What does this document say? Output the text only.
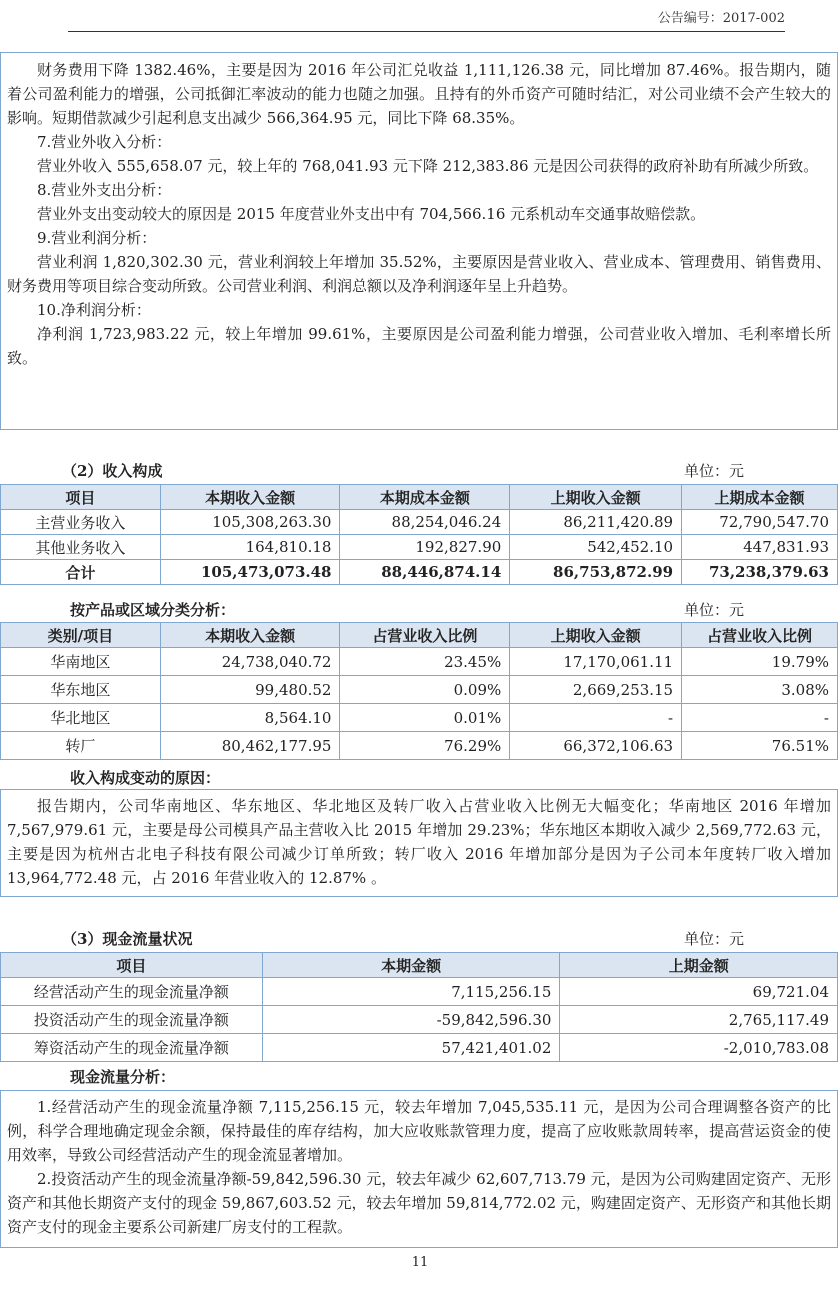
公告编号：2017-002

财务费用下降 1382.46%，主要是因为 2016 年公司汇兑收益 1,111,126.38 元，同比增加 87.46%。报告期内，随着公司盈利能力的增强，公司抵御汇率波动的能力也随之加强。且持有的外币资产可随时结汇，对公司业绩不会产生较大的影响。短期借款减少引起利息支出减少 566,364.95 元，同比下降 68.35%。

7.营业外收入分析：

营业外收入 555,658.07 元，较上年的 768,041.93 元下降 212,383.86 元是因公司获得的政府补助有所减少所致。

8.营业外支出分析：

营业外支出变动较大的原因是 2015 年度营业外支出中有 704,566.16 元系机动车交通事故赔偿款。

9.营业利润分析：

营业利润 1,820,302.30 元，营业利润较上年增加 35.52%，主要原因是营业收入、营业成本、管理费用、销售费用、财务费用等项目综合变动所致。公司营业利润、利润总额以及净利润逐年呈上升趋势。

10.净利润分析：

净利润 1,723,983.22 元，较上年增加 99.61%，主要原因是公司盈利能力增强，公司营业收入增加、毛利率增长所致。

（2）收入构成	单位：元
项目	本期收入金额	本期成本金额	上期收入金额	上期成本金额
主营业务收入	105,308,263.30	88,254,046.24	86,211,420.89	72,790,547.70
其他业务收入	164,810.18	192,827.90	542,452.10	447,831.93
合计	105,473,073.48	88,446,874.14	86,753,872.99	73,238,379.63
按产品或区域分类分析：	单位：元
类别/项目	本期收入金额	占营业收入比例	上期收入金额	占营业收入比例
华南地区	24,738,040.72	23.45%	17,170,061.11	19.79%
华东地区	99,480.52	0.09%	2,669,253.15	3.08%
华北地区	8,564.10	0.01%	-	-
转厂	80,462,177.95	76.29%	66,372,106.63	76.51%
收入构成变动的原因：

报告期内，公司华南地区、华东地区、华北地区及转厂收入占营业收入比例无大幅变化；华南地区 2016 年增加 7,567,979.61 元，主要是母公司模具产品主营收入比 2015 年增加 29.23%；华东地区本期收入减少 2,569,772.63 元，主要是因为杭州古北电子科技有限公司减少订单所致；转厂收入 2016 年增加部分是因为子公司本年度转厂收入增加 13,964,772.48 元，占 2016 年营业收入的 12.87% 。

（3）现金流量状况	单位：元
项目	本期金额	上期金额
经营活动产生的现金流量净额	7,115,256.15	69,721.04
投资活动产生的现金流量净额	-59,842,596.30	2,765,117.49
筹资活动产生的现金流量净额	57,421,401.02	-2,010,783.08
现金流量分析：

1.经营活动产生的现金流量净额 7,115,256.15 元，较去年增加 7,045,535.11 元，是因为公司合理调整各资产的比例，科学合理地确定现金余额，保持最佳的库存结构，加大应收账款管理力度，提高了应收账款周转率，提高营运资金的使用效率，导致公司经营活动产生的现金流显著增加。

2.投资活动产生的现金流量净额-59,842,596.30 元，较去年减少 62,607,713.79 元，是因为公司购建固定资产、无形资产和其他长期资产支付的现金 59,867,603.52 元，较去年增加 59,814,772.02 元，购建固定资产、无形资产和其他长期资产支付的现金主要系公司新建厂房支付的工程款。

11
